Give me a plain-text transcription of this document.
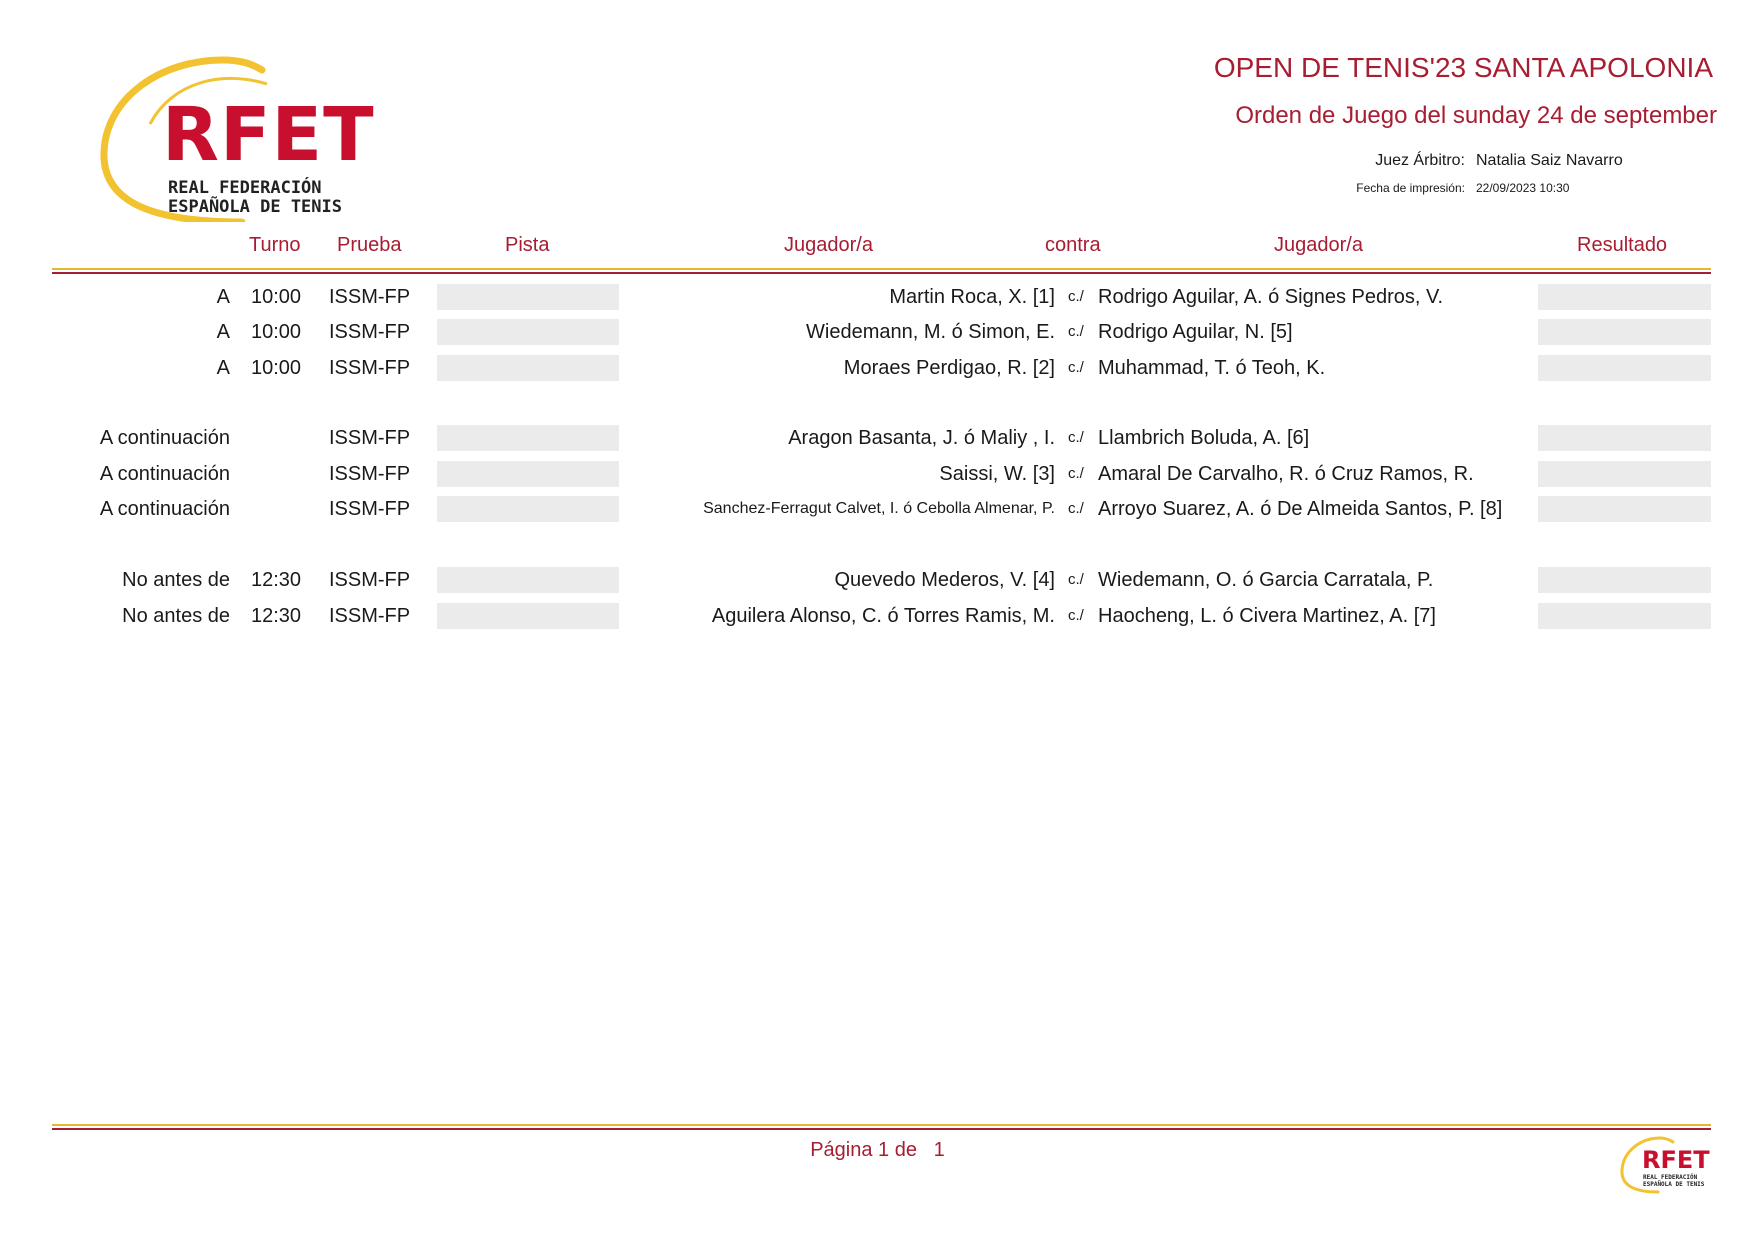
RFET
REAL FEDERACIÓN
ESPAÑOLA DE TENIS
OPEN DE TENIS'23 SANTA APOLONIA
Orden de Juego del sunday 24 de september
Juez Árbitro: Natalia Saiz Navarro
Fecha de impresión: 22/09/2023 10:30
Turno Prueba	Pista	Jugador/a	contra	Jugador/a	Resultado
A 10:00 ISSM-FP	Martin Roca, X. [1] c./ Rodrigo Aguilar, A. ó Signes Pedros, V.
A 10:00 ISSM-FP	Wiedemann, M. ó Simon, E. c./ Rodrigo Aguilar, N. [5]
A 10:00 ISSM-FP	Moraes Perdigao, R. [2] c./ Muhammad, T. ó Teoh, K.
A continuación	ISSM-FP	Aragon Basanta, J. ó Maliy , I. c./ Llambrich Boluda, A. [6]
A continuación	ISSM-FP	Saissi, W. [3] c./ Amaral De Carvalho, R. ó Cruz Ramos, R.
A continuación	ISSM-FP	Sanchez-Ferragut Calvet, I. ó Cebolla Almenar, P. c./ Arroyo Suarez, A. ó De Almeida Santos, P. [8]
No antes de 12:30 ISSM-FP	Quevedo Mederos, V. [4] c./ Wiedemann, O. ó Garcia Carratala, P.
No antes de 12:30 ISSM-FP	Aguilera Alonso, C. ó Torres Ramis, M. c./ Haocheng, L. ó Civera Martinez, A. [7]
Página 1 de 1	RFET
REAL FEDERACIÓN
ESPAÑOLA DE TENIS
